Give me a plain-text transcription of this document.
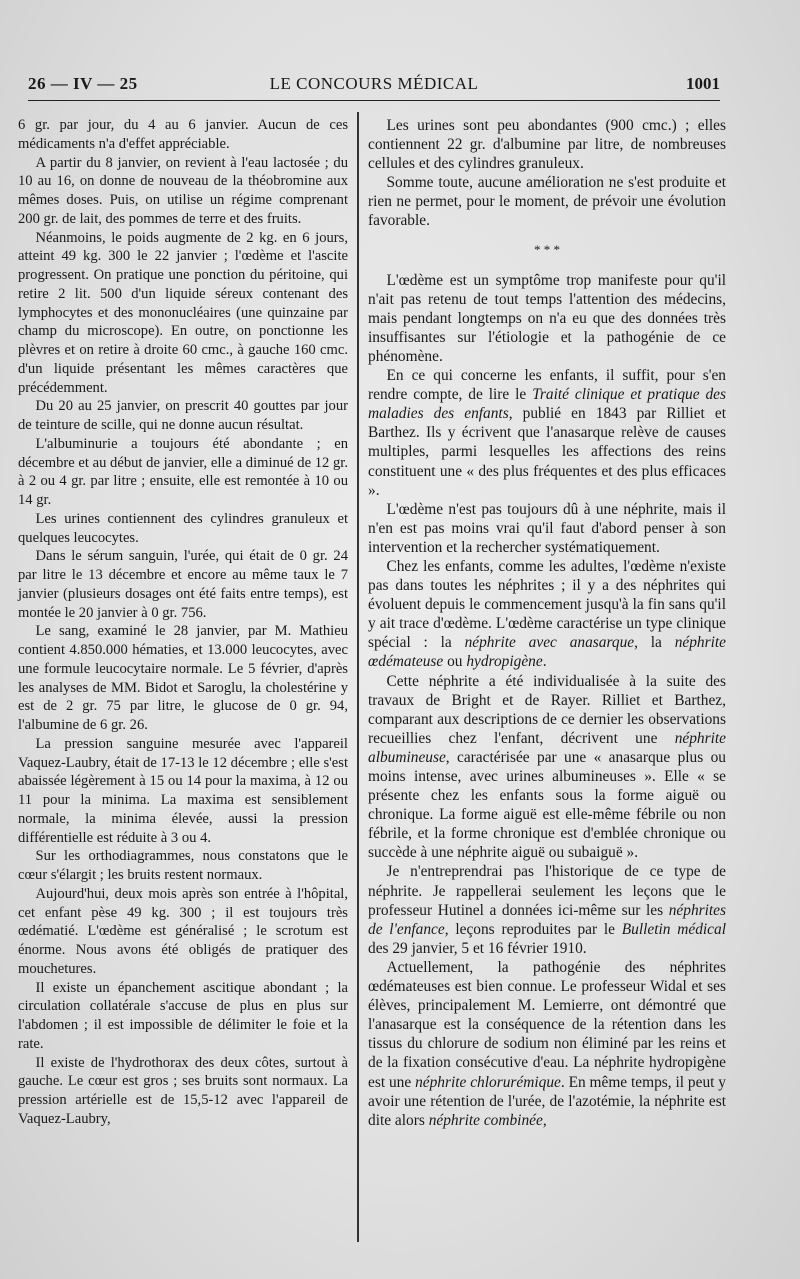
26 — IV — 25	LE CONCOURS MÉDICAL	1001

6 gr. par jour, du 4 au 6 janvier. Aucun de ces médicaments n'a d'effet appréciable.

A partir du 8 janvier, on revient à l'eau lactosée ; du 10 au 16, on donne de nouveau de la théobromine aux mêmes doses. Puis, on utilise un régime comprenant 200 gr. de lait, des pommes de terre et des fruits.

Néanmoins, le poids augmente de 2 kg. en 6 jours, atteint 49 kg. 300 le 22 janvier ; l'œdème et l'ascite progressent. On pratique une ponction du péritoine, qui retire 2 lit. 500 d'un liquide séreux contenant des lymphocytes et des mononucléaires (une quinzaine par champ du microscope). En outre, on ponctionne les plèvres et on retire à droite 60 cmc., à gauche 160 cmc. d'un liquide présentant les mêmes caractères que précédemment.

Du 20 au 25 janvier, on prescrit 40 gouttes par jour de teinture de scille, qui ne donne aucun résultat.

L'albuminurie a toujours été abondante ; en décembre et au début de janvier, elle a diminué de 12 gr. à 2 ou 4 gr. par litre ; ensuite, elle est remontée à 10 ou 14 gr.

Les urines contiennent des cylindres granuleux et quelques leucocytes.

Dans le sérum sanguin, l'urée, qui était de 0 gr. 24 par litre le 13 décembre et encore au même taux le 7 janvier (plusieurs dosages ont été faits entre temps), est montée le 20 janvier à 0 gr. 756.

Le sang, examiné le 28 janvier, par M. Mathieu contient 4.850.000 hématies, et 13.000 leucocytes, avec une formule leucocytaire normale. Le 5 février, d'après les analyses de MM. Bidot et Saroglu, la cholestérine y est de 2 gr. 75 par litre, le glucose de 0 gr. 94, l'albumine de 6 gr. 26.

La pression sanguine mesurée avec l'appareil Vaquez-Laubry, était de 17-13 le 12 décembre ; elle s'est abaissée légèrement à 15 ou 14 pour la maxima, à 12 ou 11 pour la minima. La maxima est sensiblement normale, la minima élevée, aussi la pression différentielle est réduite à 3 ou 4.

Sur les orthodiagrammes, nous constatons que le cœur s'élargit ; les bruits restent normaux.

Aujourd'hui, deux mois après son entrée à l'hôpital, cet enfant pèse 49 kg. 300 ; il est toujours très œdématié. L'œdème est généralisé ; le scrotum est énorme. Nous avons été obligés de pratiquer des mouchetures.

Il existe un épanchement ascitique abondant ; la circulation collatérale s'accuse de plus en plus sur l'abdomen ; il est impossible de délimiter le foie et la rate.

Il existe de l'hydrothorax des deux côtes, surtout à gauche. Le cœur est gros ; ses bruits sont normaux. La pression artérielle est de 15,5-12 avec l'appareil de Vaquez-Laubry,

Les urines sont peu abondantes (900 cmc.) ; elles contiennent 22 gr. d'albumine par litre, de nombreuses cellules et des cylindres granuleux.

Somme toute, aucune amélioration ne s'est produite et rien ne permet, pour le moment, de prévoir une évolution favorable.

* * *

L'œdème est un symptôme trop manifeste pour qu'il n'ait pas retenu de tout temps l'attention des médecins, mais pendant longtemps on n'a eu que des données très insuffisantes sur l'étiologie et la pathogénie de ce phénomène.

En ce qui concerne les enfants, il suffit, pour s'en rendre compte, de lire le Traité clinique et pratique des maladies des enfants, publié en 1843 par Rilliet et Barthez. Ils y écrivent que l'anasarque relève de causes multiples, parmi lesquelles les affections des reins constituent une « des plus fréquentes et des plus efficaces ».

L'œdème n'est pas toujours dû à une néphrite, mais il n'en est pas moins vrai qu'il faut d'abord penser à son intervention et la rechercher systématiquement.

Chez les enfants, comme les adultes, l'œdème n'existe pas dans toutes les néphrites ; il y a des néphrites qui évoluent depuis le commencement jusqu'à la fin sans qu'il y ait trace d'œdème. L'œdème caractérise un type clinique spécial : la néphrite avec anasarque, la néphrite œdémateuse ou hydropigène.

Cette néphrite a été individualisée à la suite des travaux de Bright et de Rayer. Rilliet et Barthez, comparant aux descriptions de ce dernier les observations recueillies chez l'enfant, décrivent une néphrite albumineuse, caractérisée par une « anasarque plus ou moins intense, avec urines albumineuses ». Elle « se présente chez les enfants sous la forme aiguë ou chronique. La forme aiguë est elle-même fébrile ou non fébrile, et la forme chronique est d'emblée chronique ou succède à une néphrite aiguë ou subaiguë ».

Je n'entreprendrai pas l'historique de ce type de néphrite. Je rappellerai seulement les leçons que le professeur Hutinel a données ici-même sur les néphrites de l'enfance, leçons reproduites par le Bulletin médical des 29 janvier, 5 et 16 février 1910.

Actuellement, la pathogénie des néphrites œdémateuses est bien connue. Le professeur Widal et ses élèves, principalement M. Lemierre, ont démontré que l'anasarque est la conséquence de la rétention dans les tissus du chlorure de sodium non éliminé par les reins et de la fixation consécutive d'eau. La néphrite hydropigène est une néphrite chlorurémique. En même temps, il peut y avoir une rétention de l'urée, de l'azotémie, la néphrite est dite alors néphrite combinée,
